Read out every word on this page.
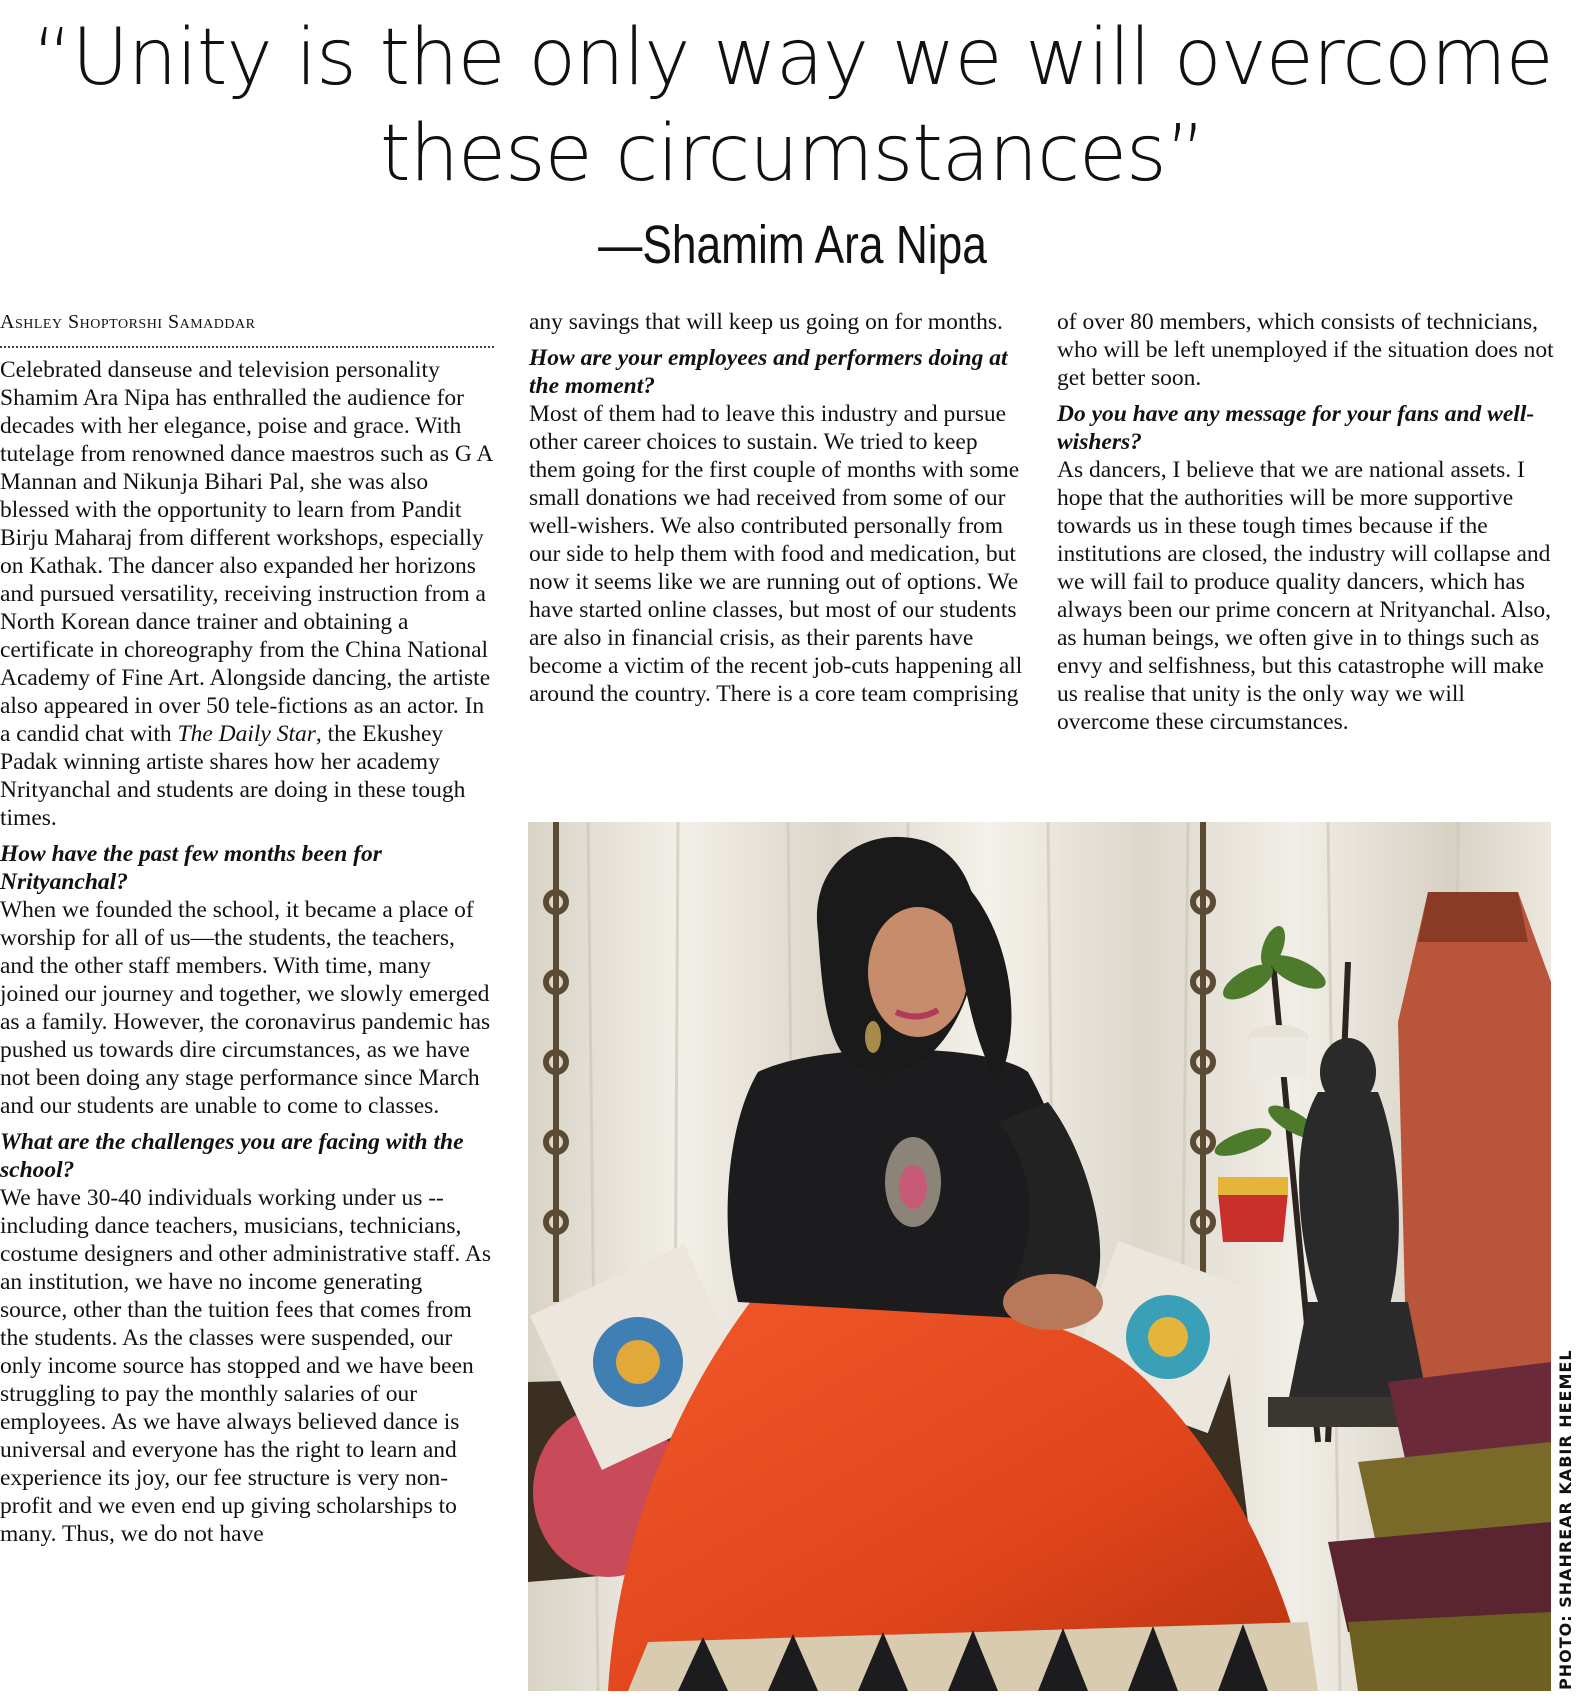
“Unity is the only way we will overcome
these circumstances”
—Shamim Ara Nipa
Ashley Shoptorshi Samaddar

Celebrated danseuse and television personality Shamim Ara Nipa has enthralled the audience for decades with her elegance, poise and grace. With tutelage from renowned dance maestros such as G A Mannan and Nikunja Bihari Pal, she was also blessed with the opportunity to learn from Pandit Birju Maharaj from different workshops, especially on Kathak. The dancer also expanded her horizons and pursued versatility, receiving instruction from a North Korean dance trainer and obtaining a certificate in choreography from the China National Academy of Fine Art. Alongside dancing, the artiste also appeared in over 50 tele-fictions as an actor. In a candid chat with The Daily Star, the Ekushey Padak winning artiste shares how her academy Nrityanchal and students are doing in these tough times.

How have the past few months been for Nrityanchal?

When we founded the school, it became a place of worship for all of us—the students, the teachers, and the other staff members. With time, many joined our journey and together, we slowly emerged as a family. However, the coronavirus pandemic has pushed us towards dire circumstances, as we have not been doing any stage performance since March and our students are unable to come to classes.

What are the challenges you are facing with the school?

We have 30-40 individuals working under us -- including dance teachers, musicians, technicians, costume designers and other administrative staff. As an institution, we have no income generating source, other than the tuition fees that comes from the students. As the classes were suspended, our only income source has stopped and we have been struggling to pay the monthly salaries of our employees. As we have always believed dance is universal and everyone has the right to learn and experience its joy, our fee structure is very non-profit and we even end up giving scholarships to many. Thus, we do not have

any savings that will keep us going on for months.

How are your employees and performers doing at the moment?

Most of them had to leave this industry and pursue other career choices to sustain. We tried to keep them going for the first couple of months with some small donations we had received from some of our well-wishers. We also contributed personally from our side to help them with food and medication, but now it seems like we are running out of options. We have started online classes, but most of our students are also in financial crisis, as their parents have become a victim of the recent job-cuts happening all around the country. There is a core team comprising

of over 80 members, which consists of technicians, who will be left unemployed if the situation does not get better soon.

Do you have any message for your fans and well-wishers?

As dancers, I believe that we are national assets. I hope that the authorities will be more supportive towards us in these tough times because if the institutions are closed, the industry will collapse and we will fail to produce quality dancers, which has always been our prime concern at Nrityanchal. Also, as human beings, we often give in to things such as envy and selfishness, but this catastrophe will make us realise that unity is the only way we will overcome these circumstances.

PHOTO: SHAHREAR KABIR HEEMEL
